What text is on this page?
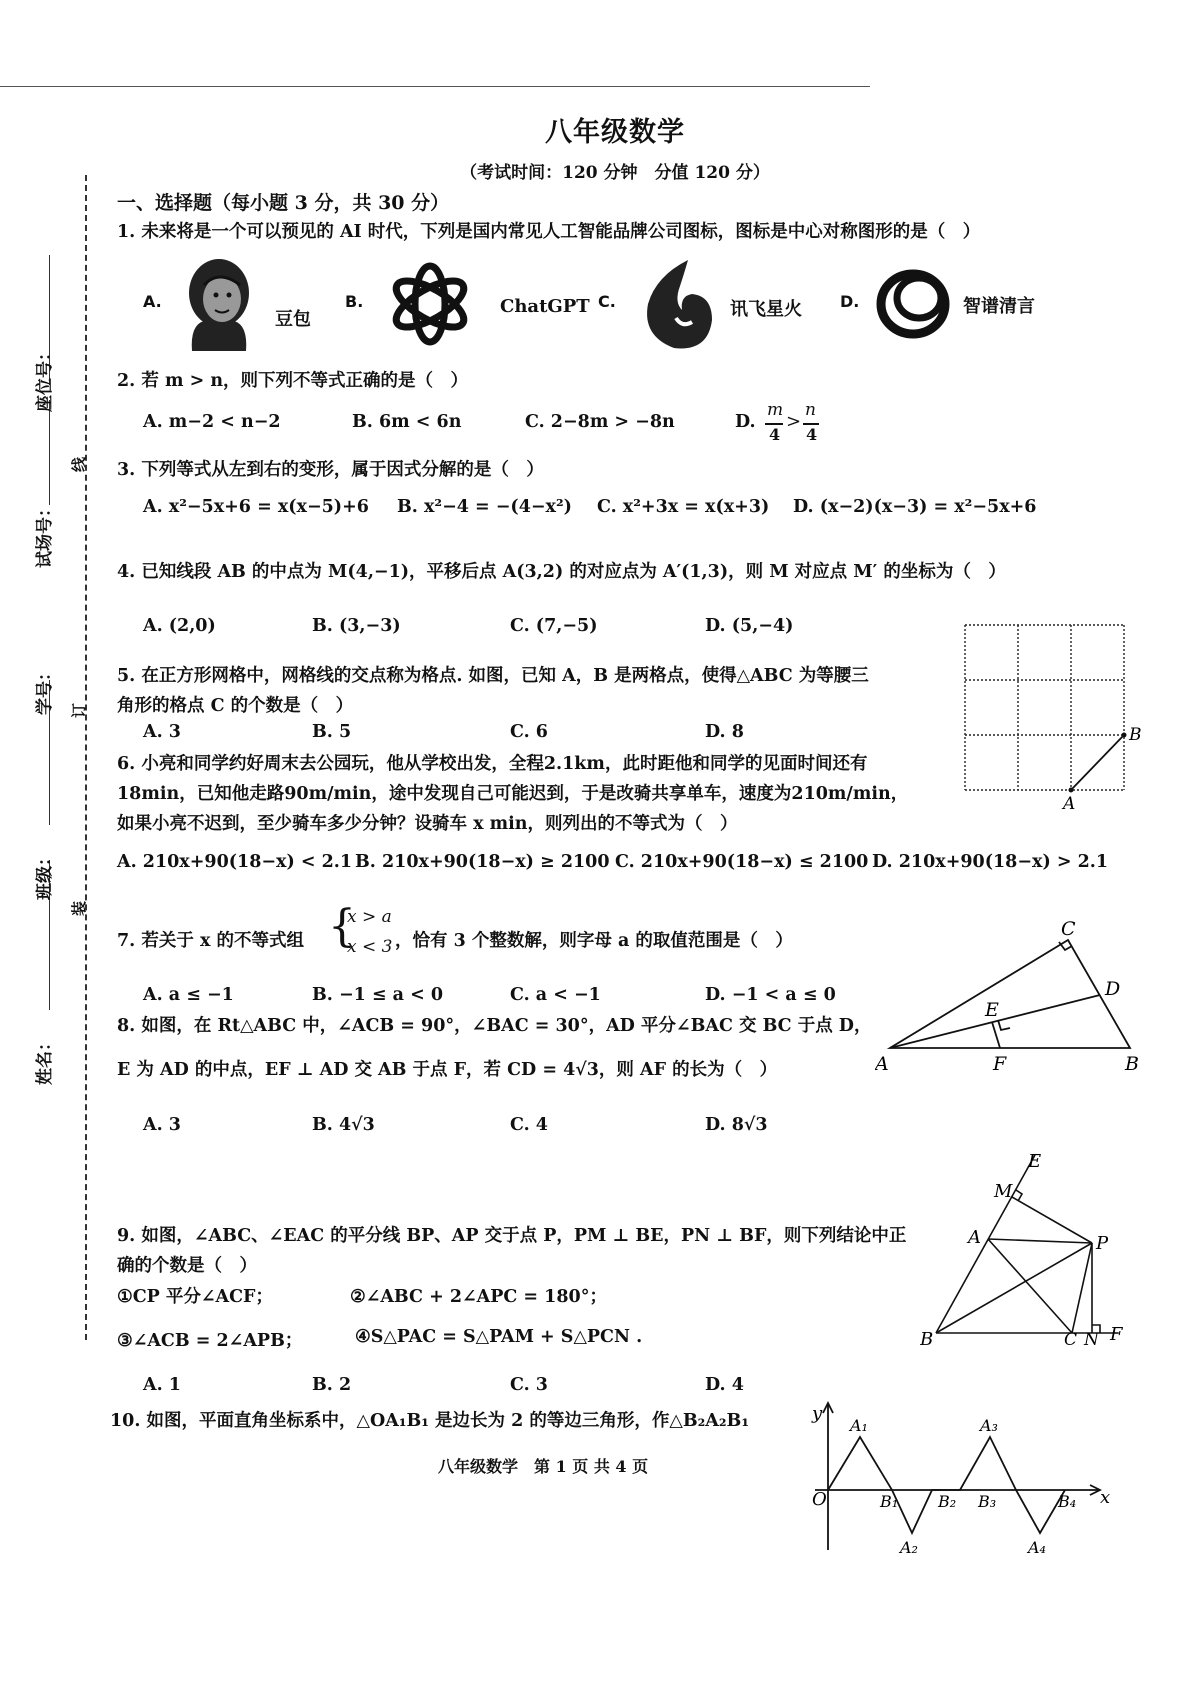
八年级数学
（考试时间：120 分钟　分值 120 分）
座位号：
试场号：
学号：
班级：
姓名：
线
订
装
一、选择题（每小题 3 分，共 30 分）
1. 未来将是一个可以预见的 AI 时代，下列是国内常见人工智能品牌公司图标，图标是中心对称图形的是（　）
A.
豆包
B.	ChatGPT C.	讯飞星火 D.	智谱清言
2. 若 m > n，则下列不等式正确的是（　）
A. m−2 < n−2	B. 6m < 6n	C. 2−8m > −8n	D.
m
4
>
n
4
3. 下列等式从左到右的变形，属于因式分解的是（　）
A. x²−5x+6 = x(x−5)+6 B. x²−4 = −(4−x²) C. x²+3x = x(x+3) D. (x−2)(x−3) = x²−5x+6
4. 已知线段 AB 的中点为 M(4,−1)，平移后点 A(3,2) 的对应点为 A′(1,3)，则 M 对应点 M′ 的坐标为（　）
A. (2,0)	B. (3,−3)	C. (7,−5)	D. (5,−4)
5. 在正方形网格中，网格线的交点称为格点. 如图，已知 A，B 是两格点，使得△ABC 为等腰三
角形的格点 C 的个数是（　）
A. 3	B. 5	C. 6	D. 8
A
B
6. 小亮和同学约好周末去公园玩，他从学校出发，全程2.1km，此时距他和同学的见面时间还有
18min，已知他走路90m/min，途中发现自己可能迟到，于是改骑共享单车，速度为210m/min，
如果小亮不迟到，至少骑车多少分钟？设骑车 x min，则列出的不等式为（　）
A. 210x+90(18−x) < 2.1 B. 210x+90(18−x) ≥ 2100 C. 210x+90(18−x) ≤ 2100 D. 210x+90(18−x) > 2.1
7. 若关于 x 的不等式组 {
x > a
x < 3 ，恰有 3 个整数解，则字母 a 的取值范围是（　）
A. a ≤ −1	B. −1 ≤ a < 0	C. a < −1	D. −1 < a ≤ 0
A	B
C
D
E
F
8. 如图，在 Rt△ABC 中，∠ACB = 90°，∠BAC = 30°，AD 平分∠BAC 交 BC 于点 D，
E 为 AD 的中点，EF ⊥ AD 交 AB 于点 F，若 CD = 4√3，则 AF 的长为（　）
A. 3	B. 4√3	C. 4	D. 8√3
E
M
A	P
B	C N F
9. 如图，∠ABC、∠EAC 的平分线 BP、AP 交于点 P，PM ⊥ BE，PN ⊥ BF，则下列结论中正
确的个数是（　）
①CP 平分∠ACF；	②∠ABC + 2∠APC = 180°；
③∠ACB = 2∠APB；	④S△PAC = S△PAM + S△PCN .
A. 1	B. 2	C. 3	D. 4
10. 如图，平面直角坐标系中，△OA₁B₁ 是边长为 2 的等边三角形，作△B₂A₂B₁	y
x
O
A₁
B₁
A₂
B₂ B₃
A₃
A₄
B₄
八年级数学　第 1 页 共 4 页
